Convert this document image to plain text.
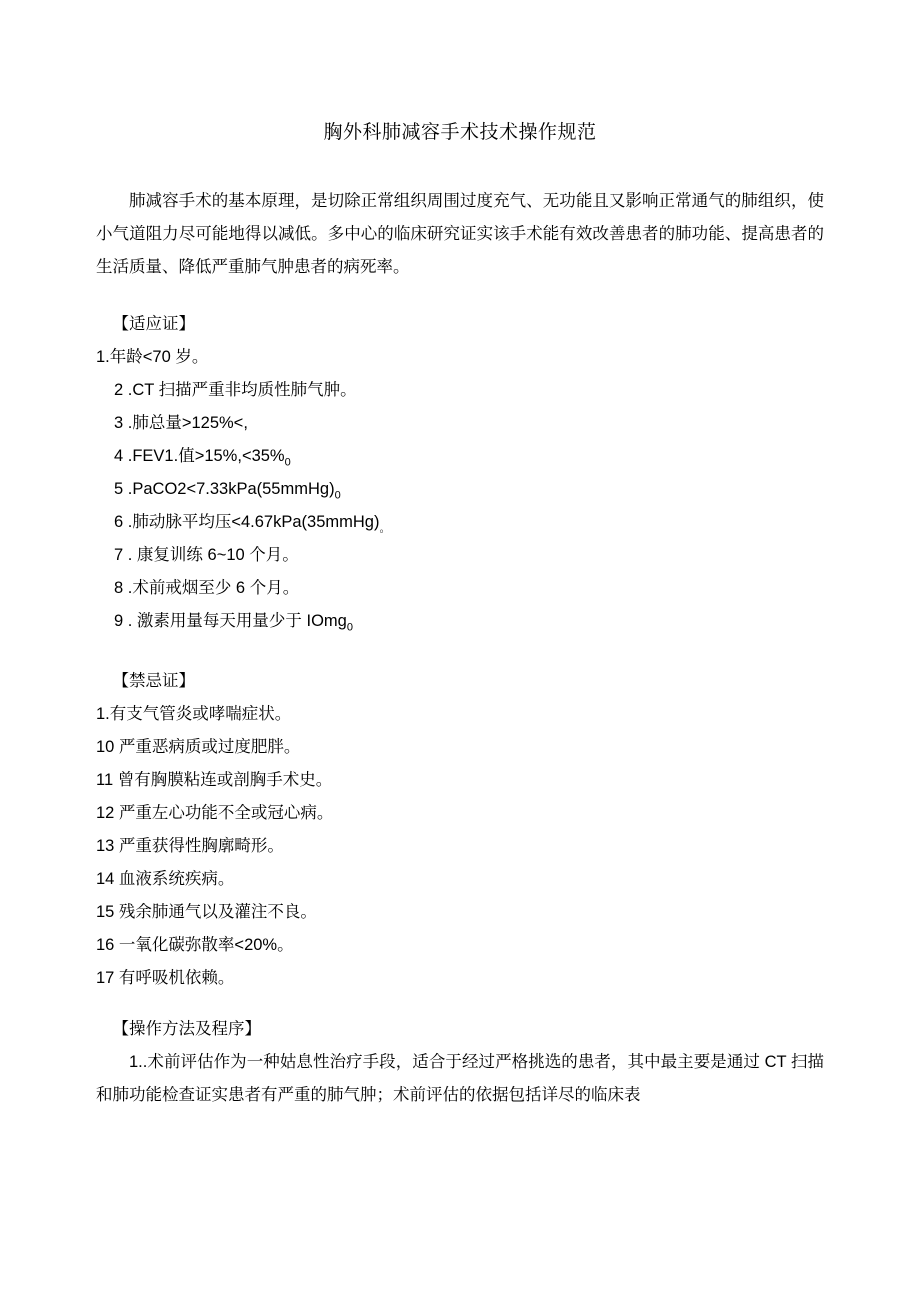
胸外科肺减容手术技术操作规范

肺减容手术的基本原理，是切除正常组织周围过度充气、无功能且又影响正常通气的肺组织，使小气道阻力尽可能地得以减低。多中心的临床研究证实该手术能有效改善患者的肺功能、提高患者的生活质量、降低严重肺气肿患者的病死率。

【适应证】

1.年龄<70 岁。

2 .CT 扫描严重非均质性肺气肿。

3 .肺总量>125%<,

4 .FEV1.值$>15\%,<35\%_0$

5 $.PaCO2<7.33kPa(55mmHg)_0$

6 .肺动脉平均压$<4.67kPa(35mmHg)_。$

7 . 康复训练 6~10 个月。

8 .术前戒烟至少 6 个月。

9 . 激素用量每天用量少于 IOmg$_0$

【禁忌证】

1.有支气管炎或哮喘症状。

10 严重恶病质或过度肥胖。

11 曾有胸膜粘连或剖胸手术史。

12 严重左心功能不全或冠心病。

13 严重获得性胸廓畸形。

14 血液系统疾病。

15 残余肺通气以及灌注不良。

16 一氧化碳弥散率<20%。

17 有呼吸机依赖。

【操作方法及程序】

1..术前评估作为一种姑息性治疗手段，适合于经过严格挑选的患者，其中最主要是通过 CT 扫描和肺功能检查证实患者有严重的肺气肿；术前评估的依据包括详尽的临床表
